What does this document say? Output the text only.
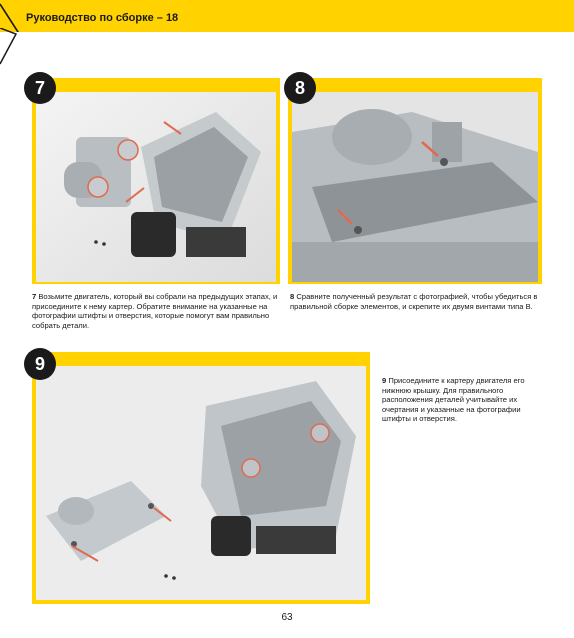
Руководство по сборке – 18
7
7 Возьмите двигатель, который вы собрали на предыдущих этапах, и присоедините к нему картер. Обратите внимание на указанные на фотографии штифты и отверстия, которые помогут вам правильно собрать детали.
8
8 Сравните полученный результат с фотографией, чтобы убедиться в правильной сборке элементов, и скрепите их двумя винтами типа B.
9
9 Присоедините к картеру двигателя его нижнюю крышку. Для правильного расположения деталей учитывайте их очертания и указанные на фотографии штифты и отверстия.
63
